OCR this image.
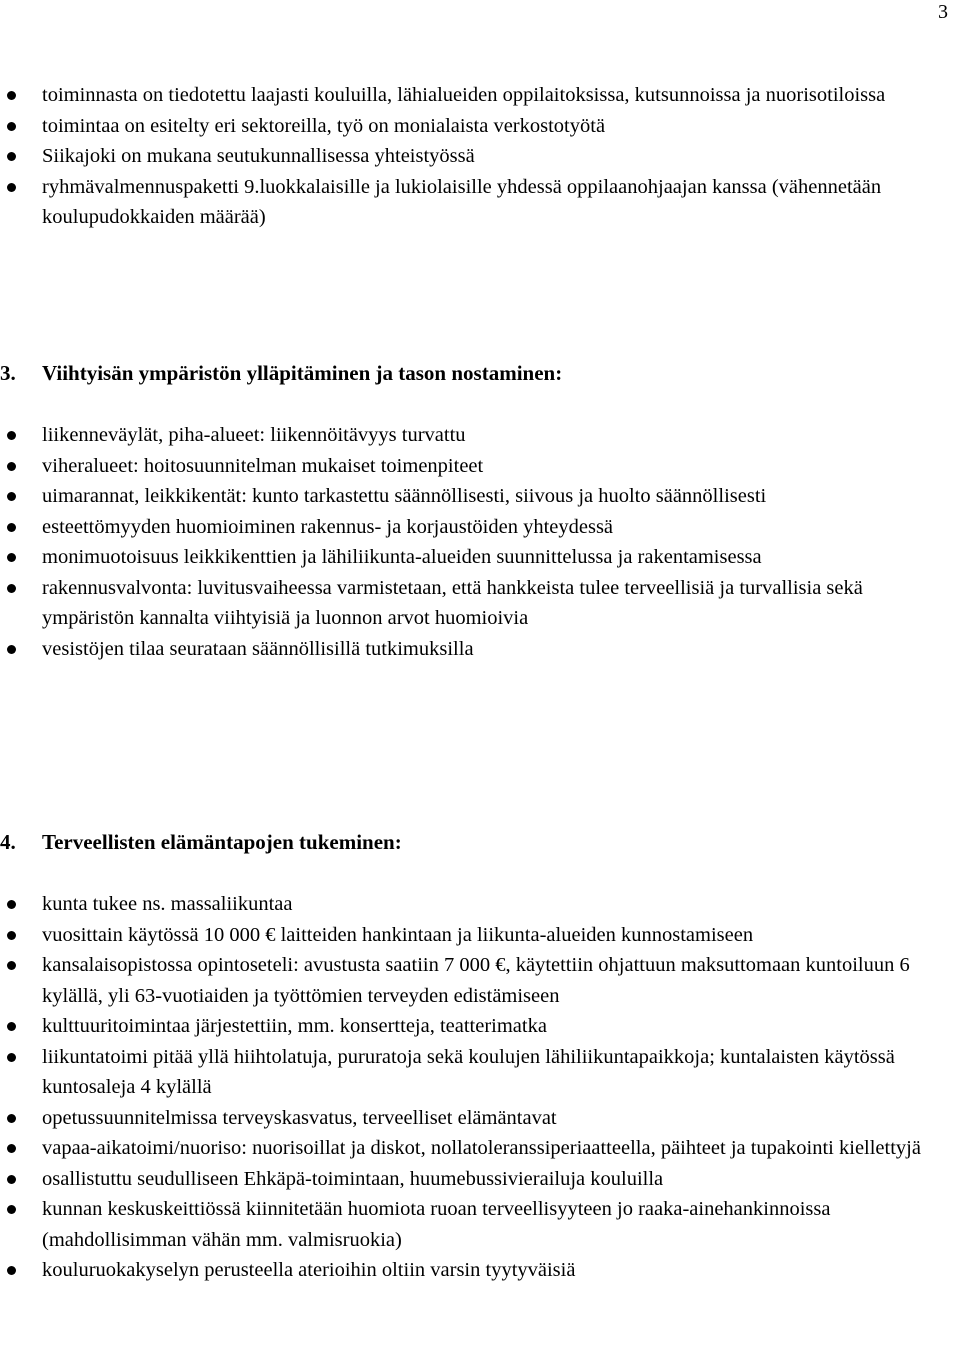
3
toiminnasta on tiedotettu laajasti kouluilla, lähialueiden oppilaitoksissa, kutsunnoissa ja nuorisotiloissa
toimintaa on esitelty eri sektoreilla, työ on monialaista verkostotyötä
Siikajoki on mukana seutukunnallisessa yhteistyössä
ryhmävalmennuspaketti 9.luokkalaisille ja lukiolaisille yhdessä oppilaanohjaajan kanssa (vähennetään koulupudokkaiden määrää)
3. Viihtyisän ympäristön ylläpitäminen ja tason nostaminen:
liikenneväylät, piha-alueet: liikennöitävyys turvattu
viheralueet: hoitosuunnitelman mukaiset toimenpiteet
uimarannat, leikkikentät: kunto tarkastettu säännöllisesti, siivous ja huolto säännöllisesti
esteettömyyden huomioiminen rakennus- ja korjaustöiden yhteydessä
monimuotoisuus leikkikenttien ja lähiliikunta-alueiden suunnittelussa ja rakentamisessa
rakennusvalvonta: luvitusvaiheessa varmistetaan, että hankkeista tulee terveellisiä ja turvallisia sekä ympäristön kannalta viihtyisiä ja luonnon arvot huomioivia
vesistöjen tilaa seurataan säännöllisillä tutkimuksilla
4. Terveellisten elämäntapojen tukeminen:
kunta tukee ns. massaliikuntaa
vuosittain käytössä 10 000 € laitteiden hankintaan ja liikunta-alueiden kunnostamiseen
kansalaisopistossa opintoseteli: avustusta saatiin 7 000 €, käytettiin ohjattuun maksuttomaan kuntoiluun 6 kylällä, yli 63-vuotiaiden ja työttömien terveyden edistämiseen
kulttuuritoimintaa järjestettiin, mm. konsertteja, teatterimatka
liikuntatoimi pitää yllä hiihtolatuja, pururatoja sekä koulujen lähiliikuntapaikkoja; kuntalaisten käytössä kuntosaleja 4 kylällä
opetussuunnitelmissa terveyskasvatus, terveelliset elämäntavat
vapaa-aikatoimi/nuoriso: nuorisoillat ja diskot, nollatoleranssiperiaatteella, päihteet ja tupakointi kiellettyjä
osallistuttu seudulliseen Ehkäpä-toimintaan, huumebussivierailuja kouluilla
kunnan keskuskeittiössä kiinnitetään huomiota ruoan terveellisyyteen jo raaka-ainehankinnoissa (mahdollisimman vähän mm. valmisruokia)
kouluruokakyselyn perusteella aterioihin oltiin varsin tyytyväisiä
